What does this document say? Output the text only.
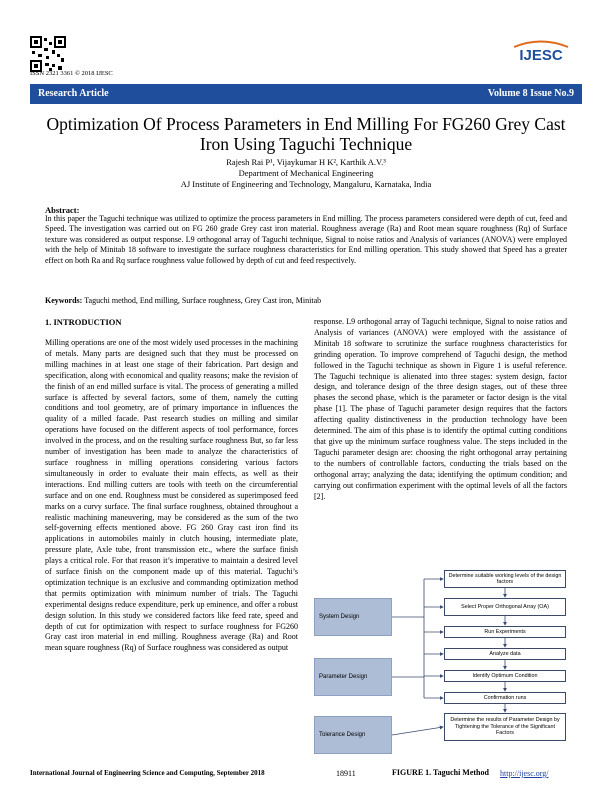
ISSN 2321 3361 © 2018 IJESC
IJESC
Research Article	Volume 8 Issue No.9
Optimization Of Process Parameters in End Milling For FG260 Grey Cast Iron Using Taguchi Technique
Rajesh Rai P¹, Vijaykumar H K², Karthik A.V.³
Department of Mechanical Engineering
AJ Institute of Engineering and Technology, Mangaluru, Karnataka, India
Abstract:
In this paper the Taguchi technique was utilized to optimize the process parameters in End milling. The process parameters considered were depth of cut, feed and Speed. The investigation was carried out on FG 260 grade Grey cast iron material. Roughness average (Ra) and Root mean square roughness (Rq) of Surface texture was considered as output response. L9 orthogonal array of Taguchi technique, Signal to noise ratios and Analysis of variances (ANOVA) were employed with the help of Minitab 18 software to investigate the surface roughness characteristics for End milling operation. This study showed that Speed has a greater effect on both Ra and Rq surface roughness value followed by depth of cut and feed respectively.
Keywords: Taguchi method, End milling, Surface roughness, Grey Cast iron, Minitab
1. INTRODUCTION
Milling operations are one of the most widely used processes in the machining of metals. Many parts are designed such that they must be processed on milling machines in at least one stage of their fabrication. Part design and specification, along with economical and quality reasons; make the revision of the finish of an end milled surface is vital. The process of generating a milled surface is affected by several factors, some of them, namely the cutting conditions and tool geometry, are of primary importance in influences the quality of a milled facade. Past research studies on milling and similar operations have focused on the different aspects of tool performance, forces involved in the process, and on the resulting surface roughness But, so far less number of investigation has been made to analyze the characteristics of surface roughness in milling operations considering various factors simultaneously in order to evaluate their main effects, as well as their interactions. End milling cutters are tools with teeth on the circumferential surface and on one end. Roughness must be considered as superimposed feed marks on a curvy surface. The final surface roughness, obtained throughout a realistic machining maneuvering, may be considered as the sum of the two self-governing effects mentioned above. FG 260 Gray cast iron find its applications in automobiles mainly in clutch housing, intermediate plate, pressure plate, Axle tube, front transmission etc., where the surface finish plays a critical role. For that reason it’s imperative to maintain a desired level of surface finish on the component made up of this material. Taguchi’s optimization technique is an exclusive and commanding optimization method that permits optimization with minimum number of trials. The Taguchi experimental designs reduce expenditure, perk up eminence, and offer a robust design solution. In this study we considered factors like feed rate, speed and depth of cut for optimization with respect to surface roughness for FG260 Gray cast iron material in end milling. Roughness average (Ra) and Root mean square roughness (Rq) of Surface roughness was considered as output
response. L9 orthogonal array of Taguchi technique, Signal to noise ratios and Analysis of variances (ANOVA) were employed with the assistance of Minitab 18 software to scrutinize the surface roughness characteristics for grinding operation. To improve comprehend of Taguchi design, the method followed in the Taguchi technique as shown in Figure 1 is useful reference. The Taguchi technique is alienated into three stages: system design, factor design, and tolerance design of the three design stages, out of these three phases the second phase, which is the parameter or factor design is the vital phase [1]. The phase of Taguchi parameter design requires that the factors affecting quality distinctiveness in the production technology have been determined. The aim of this phase is to identify the optimal cutting conditions that give up the minimum surface roughness value. The steps included in the Taguchi parameter design are: choosing the right orthogonal array pertaining to the numbers of controllable factors, conducting the trials based on the orthogonal array; analyzing the data; identifying the optimum condition; and carrying out confirmation experiment with the optimal levels of all the factors [2].
System Design
Parameter Design
Tolerance Design
Determine suitable working levels of the design factors
Select Proper Orthogonal Array (OA)
Run Experiments
Analyze data
Identify Optimum Condition
Confirmation runs
Determine the results of Parameter Design by Tightening the Tolerance of the Significant Factors
FIGURE 1. Taguchi Method
International Journal of Engineering Science and Computing, September 2018	18911	http://ijesc.org/
